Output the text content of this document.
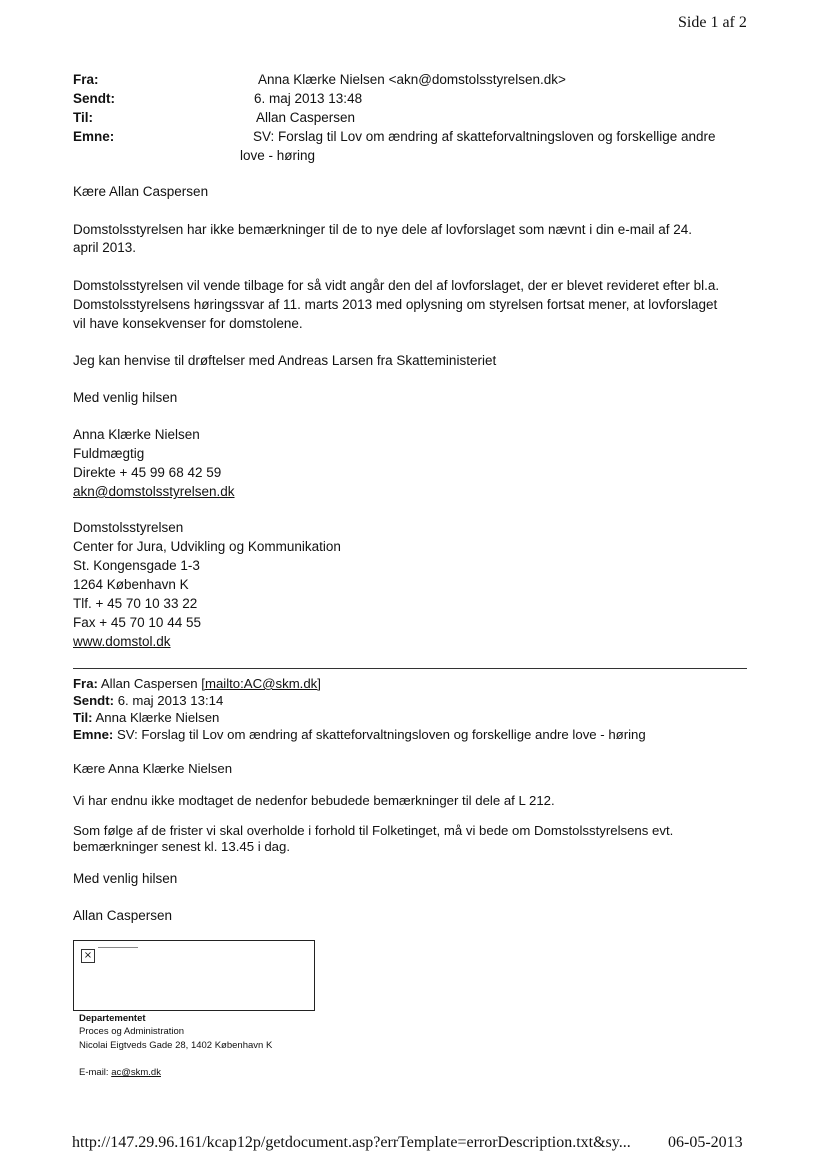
Side 1 af 2
Fra:	Anna Klærke Nielsen <akn@domstolsstyrelsen.dk>
Sendt:	6. maj 2013 13:48
Til:	Allan Caspersen
Emne:	SV: Forslag til Lov om ændring af skatteforvaltningsloven og forskellige andre
love - høring
Kære Allan Caspersen
Domstolsstyrelsen har ikke bemærkninger til de to nye dele af lovforslaget som nævnt i din e-mail af 24.
april 2013.
Domstolsstyrelsen vil vende tilbage for så vidt angår den del af lovforslaget, der er blevet revideret efter bl.a.
Domstolsstyrelsens høringssvar af 11. marts 2013 med oplysning om styrelsen fortsat mener, at lovforslaget
vil have konsekvenser for domstolene.
Jeg kan henvise til drøftelser med Andreas Larsen fra Skatteministeriet
Med venlig hilsen
Anna Klærke Nielsen
Fuldmægtig
Direkte + 45 99 68 42 59
akn@domstolsstyrelsen.dk
Domstolsstyrelsen
Center for Jura, Udvikling og Kommunikation
St. Kongensgade 1-3
1264 København K
Tlf. + 45 70 10 33 22
Fax + 45 70 10 44 55
www.domstol.dk
Fra: Allan Caspersen [mailto:AC@skm.dk]
Sendt: 6. maj 2013 13:14
Til: Anna Klærke Nielsen
Emne: SV: Forslag til Lov om ændring af skatteforvaltningsloven og forskellige andre love - høring
Kære Anna Klærke Nielsen
Vi har endnu ikke modtaget de nedenfor bebudede bemærkninger til dele af L 212.
Som følge af de frister vi skal overholde i forhold til Folketinget, må vi bede om Domstolsstyrelsens evt.
bemærkninger senest kl. 13.45 i dag.
Med venlig hilsen
Allan Caspersen
×
Departementet
Proces og Administration
Nicolai Eigtveds Gade 28, 1402 København K
E-mail: ac@skm.dk
http://147.29.96.161/kcap12p/getdocument.asp?errTemplate=errorDescription.txt&sy... 06-05-2013
